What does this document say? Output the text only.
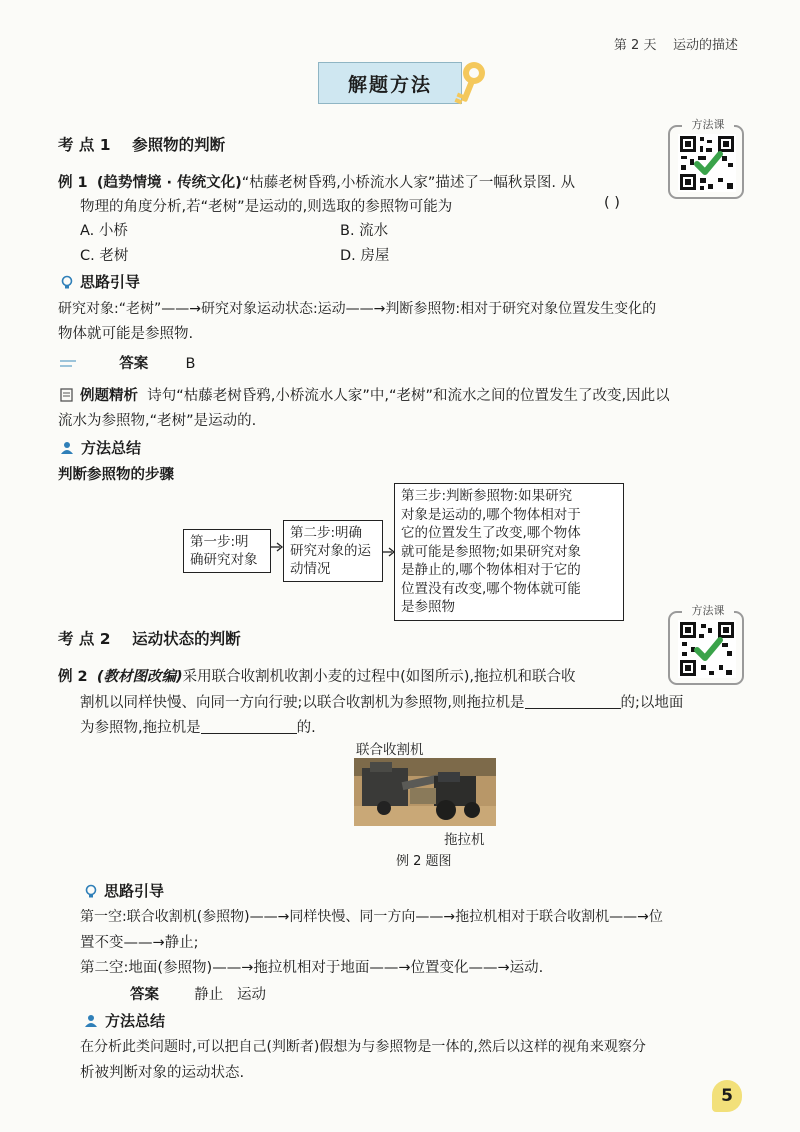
第 2 天 运动的描述
解题方法
方法课
考 点 1 参照物的判断
例 1 (趋势情境 · 传统文化)“枯藤老树昏鸦,小桥流水人家”描述了一幅秋景图. 从
物理的角度分析,若“老树”是运动的,则选取的参照物可能为	( )
A. 小桥	B. 流水
C. 老树	D. 房屋
思路引导
研究对象:“老树”——→研究对象运动状态:运动——→判断参照物:相对于研究对象位置发生变化的
物体就可能是参照物.
答案	B
例题精析 诗句“枯藤老树昏鸦,小桥流水人家”中,“老树”和流水之间的位置发生了改变,因此以
流水为参照物,“老树”是运动的.
方法总结
判断参照物的步骤
第一步:明
确研究对象
第二步:明确
研究对象的运
动情况
第三步:判断参照物:如果研究
对象是运动的,哪个物体相对于
它的位置发生了改变,哪个物体
就可能是参照物;如果研究对象
是静止的,哪个物体相对于它的
位置没有改变,哪个物体就可能
是参照物	方法课
考 点 2 运动状态的判断
例 2 (教材图改编)采用联合收割机收割小麦的过程中(如图所示),拖拉机和联合收
割机以同样快慢、向同一方向行驶;以联合收割机为参照物,则拖拉机是	的;以地面
为参照物,拖拉机是	的.
联合收割机
拖拉机
例 2 题图
思路引导
第一空:联合收割机(参照物)——→同样快慢、同一方向——→拖拉机相对于联合收割机——→位
置不变——→静止;
第二空:地面(参照物)——→拖拉机相对于地面——→位置变化——→运动.
答案 静止   运动
方法总结
在分析此类问题时,可以把自己(判断者)假想为与参照物是一体的,然后以这样的视角来观察分
析被判断对象的运动状态.
5
